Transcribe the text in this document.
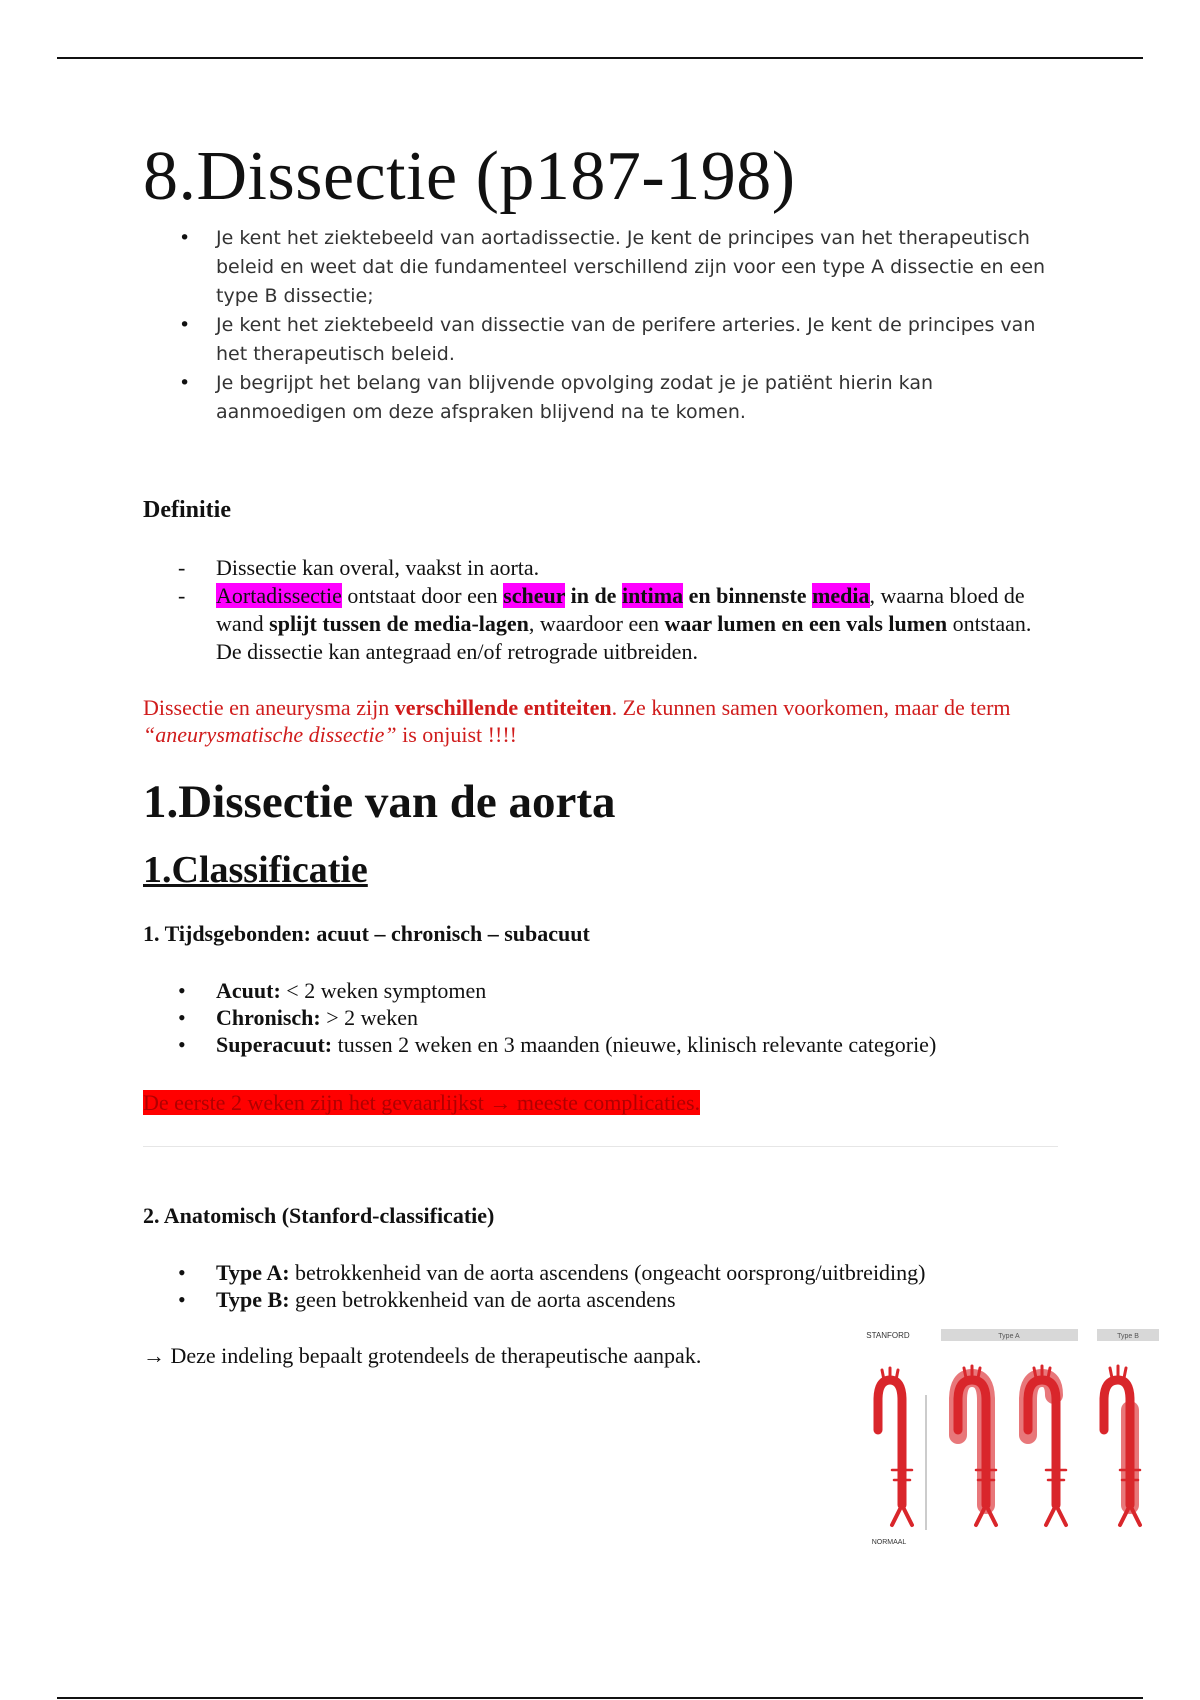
8.Dissectie (p187-198)
• Je kent het ziektebeeld van aortadissectie. Je kent de principes van het therapeutisch beleid en weet dat die fundamenteel verschillend zijn voor een type A dissectie en een type B dissectie;
• Je kent het ziektebeeld van dissectie van de perifere arteries. Je kent de principes van het therapeutisch beleid.
• Je begrijpt het belang van blijvende opvolging zodat je je patiënt hierin kan aanmoedigen om deze afspraken blijvend na te komen.
Definitie
- Dissectie kan overal, vaakst in aorta.
- Aortadissectie ontstaat door een scheur in de intima en binnenste media, waarna bloed de wand splijt tussen de media-lagen, waardoor een waar lumen en een vals lumen ontstaan. De dissectie kan antegraad en/of retrograde uitbreiden.

Dissectie en aneurysma zijn verschillende entiteiten. Ze kunnen samen voorkomen, maar de term “aneurysmatische dissectie” is onjuist !!!!

1.Dissectie van de aorta
1.Classificatie
1. Tijdsgebonden: acuut – chronisch – subacuut
• Acuut: < 2 weken symptomen
• Chronisch: > 2 weken
• Superacuut: tussen 2 weken en 3 maanden (nieuwe, klinisch relevante categorie)

De eerste 2 weken zijn het gevaarlijkst → meeste complicaties.

2. Anatomisch (Stanford-classificatie)
• Type A: betrokkenheid van de aorta ascendens (ongeacht oorsprong/uitbreiding)
• Type B: geen betrokkenheid van de aorta ascendens

→ Deze indeling bepaalt grotendeels de therapeutische aanpak.

STANFORD	Type A	Type B
NORMAAL
